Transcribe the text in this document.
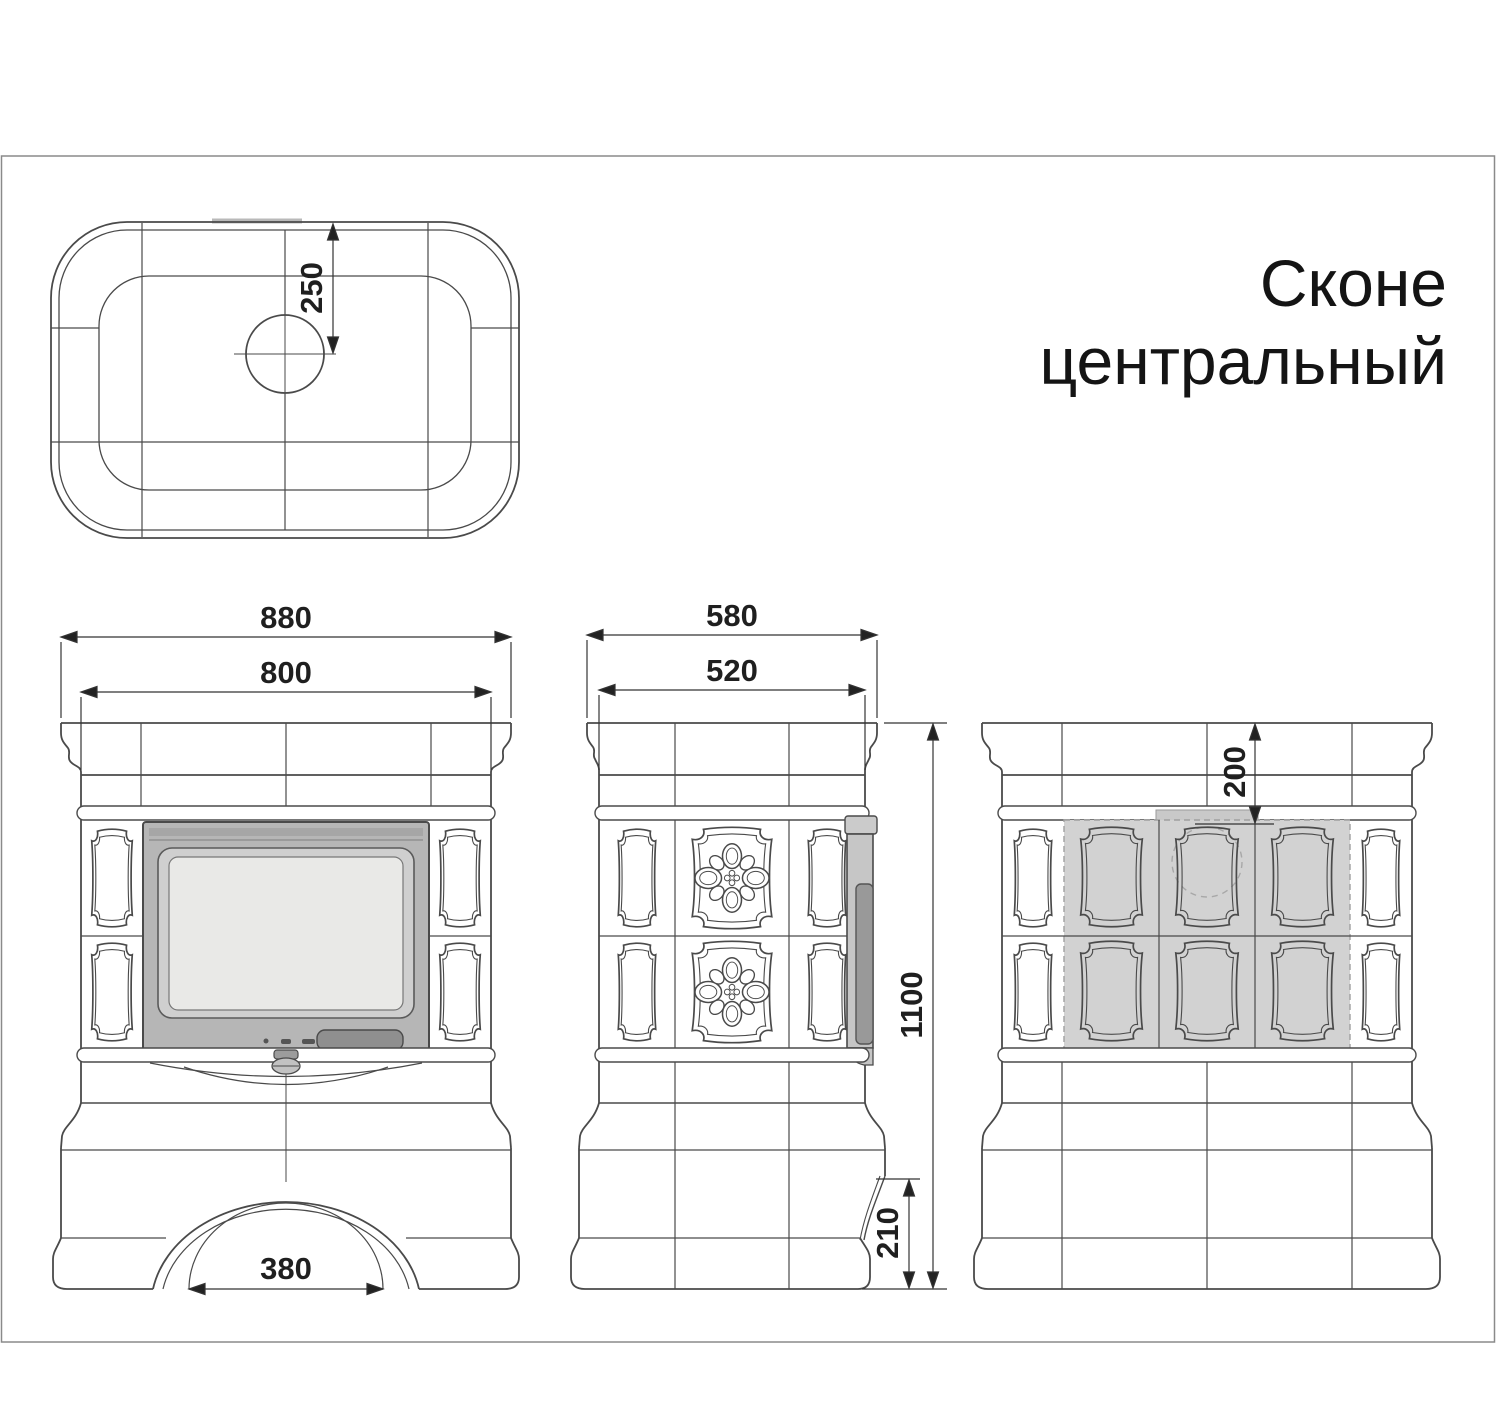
250
880
800
380
580
520
1100
210
200
Сконе
центральный
